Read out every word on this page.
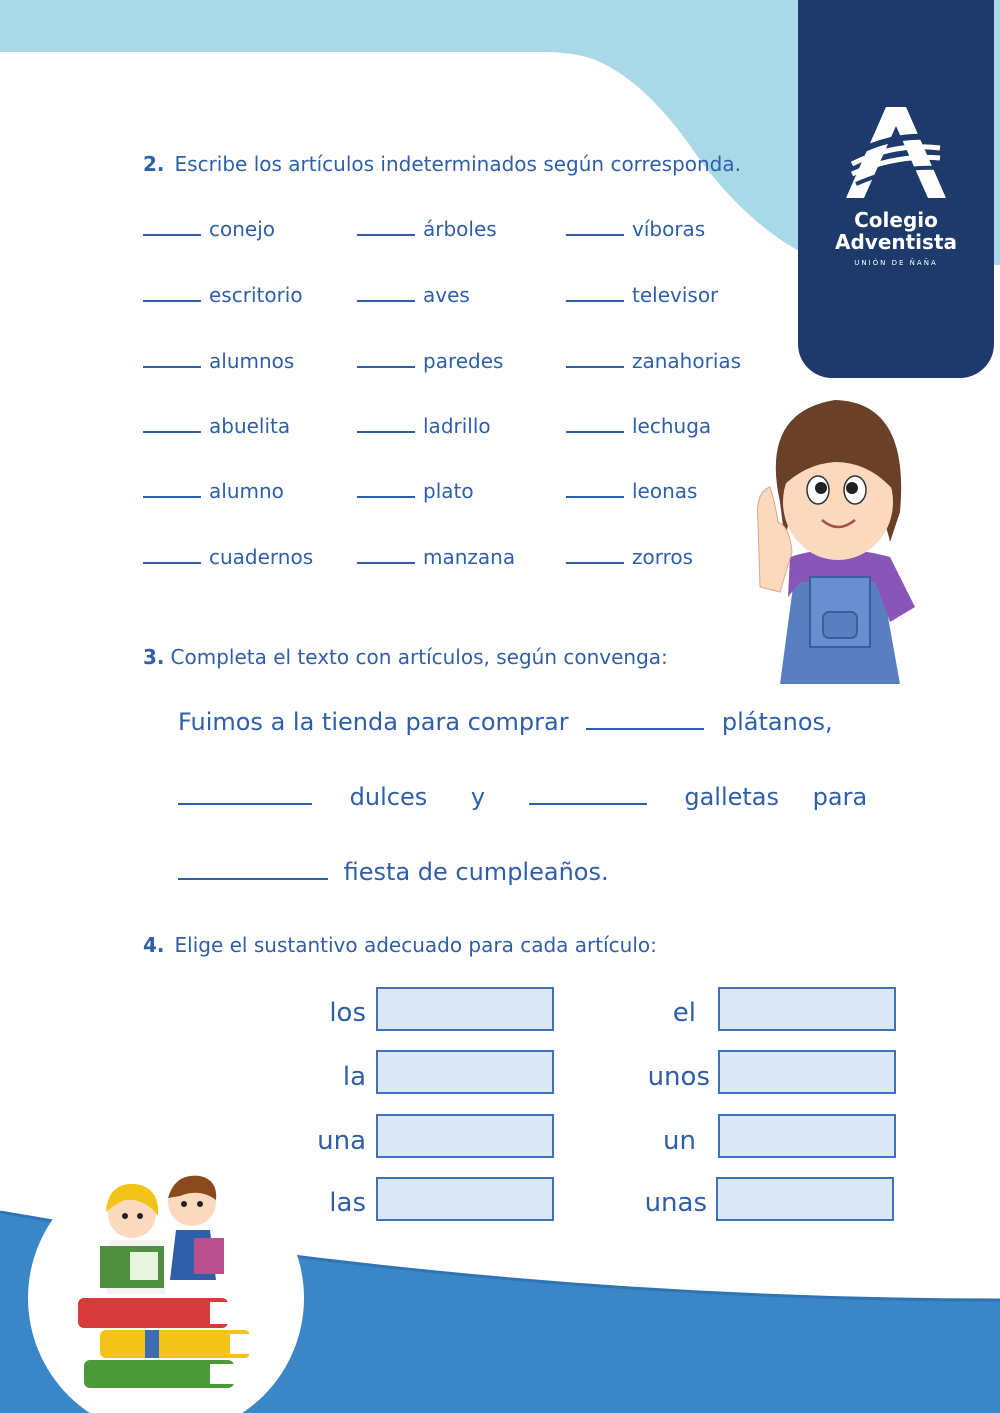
Colegio
Adventista
UNIÓN DE ÑAÑA
2. Escribe los artículos indeterminados según corresponda.
conejo	árboles	víboras
escritorio	aves	televisor
alumnos	paredes	zanahorias
abuelita	ladrillo	lechuga
alumno	plato	leonas
cuadernos	manzana	zorros
3. Completa el texto con artículos, según convenga:
Fuimos a la tienda para comprar	plátanos,
dulces y	galletas para
fiesta de cumpleaños.
4. Elige el sustantivo adecuado para cada artículo:
los
la
una
las
el
unos
un
unas
